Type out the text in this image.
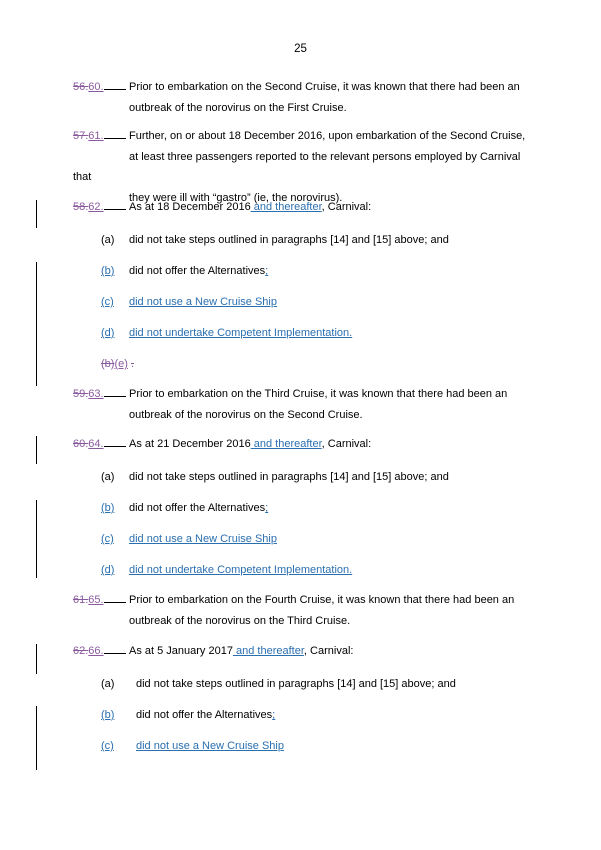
25
56.60. Prior to embarkation on the Second Cruise, it was known that there had been an
outbreak of the norovirus on the First Cruise.
57.61. Further, on or about 18 December 2016, upon embarkation of the Second Cruise,
at least three passengers reported to the relevant persons employed by Carnival that
they were ill with “gastro” (ie, the norovirus).
58.62. As at 18 December 2016 and thereafter, Carnival:
(a) did not take steps outlined in paragraphs [14] and [15] above; and
(b) did not offer the Alternatives;
(c) did not use a New Cruise Ship
(d) did not undertake Competent Implementation.
(b)(e) .
59.63. Prior to embarkation on the Third Cruise, it was known that there had been an
outbreak of the norovirus on the Second Cruise.
60.64. As at 21 December 2016 and thereafter, Carnival:
(a) did not take steps outlined in paragraphs [14] and [15] above; and
(b) did not offer the Alternatives;
(c) did not use a New Cruise Ship
(d) did not undertake Competent Implementation.
61.65. Prior to embarkation on the Fourth Cruise, it was known that there had been an
outbreak of the norovirus on the Third Cruise.
62.66. As at 5 January 2017 and thereafter, Carnival:
(a) did not take steps outlined in paragraphs [14] and [15] above; and
(b) did not offer the Alternatives;
(c) did not use a New Cruise Ship
